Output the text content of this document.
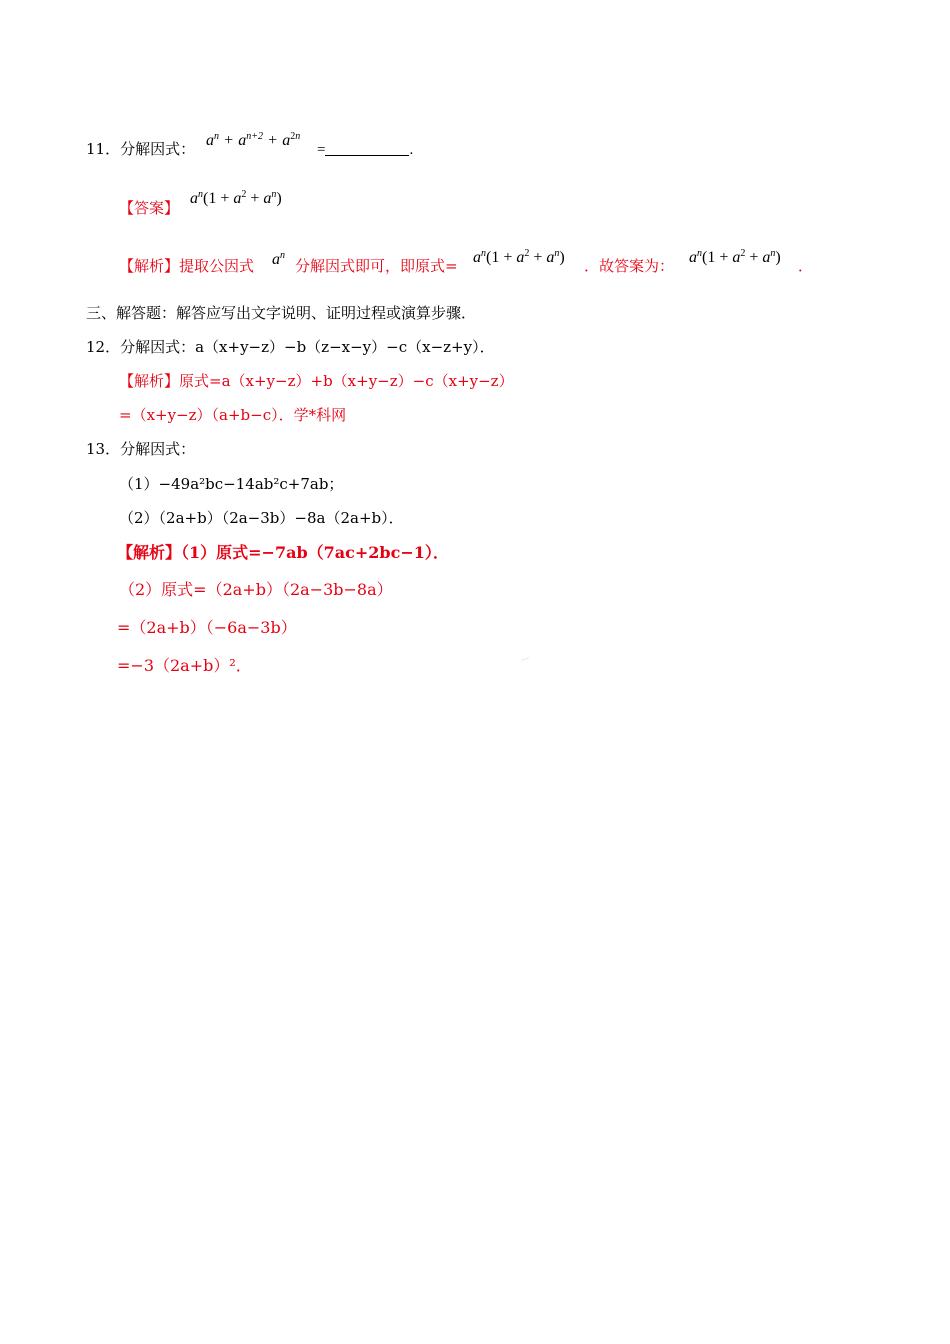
11．分解因式： $a^n + a^{n+2} + a^{2n}$
=	.
【答案】
$a^n(1 + a^2 + a^n)$
【解析】提取公因式 $a^n$
分解因式即可，即原式= $a^n(1 + a^2 + a^n)$ ．故答案为： $a^n(1 + a^2 + a^n)$ ．
三、解答题：解答应写出文字说明、证明过程或演算步骤．
12．分解因式：a（x+y−z）−b（z−x−y）−c（x−z+y）．
【解析】原式=a（x+y−z）+b（x+y−z）−c（x+y−z）
=（x+y−z）（a+b−c）．学*科网
13．分解因式：
（1）−49a²bc−14ab²c+7ab；
（2）（2a+b）（2a−3b）−8a（2a+b）．
【解析】（1）原式=−7ab（7ac+2bc−1）．
（2）原式=（2a+b）（2a−3b−8a）
=（2a+b）（−6a−3b）
=−3（2a+b）²．	~
